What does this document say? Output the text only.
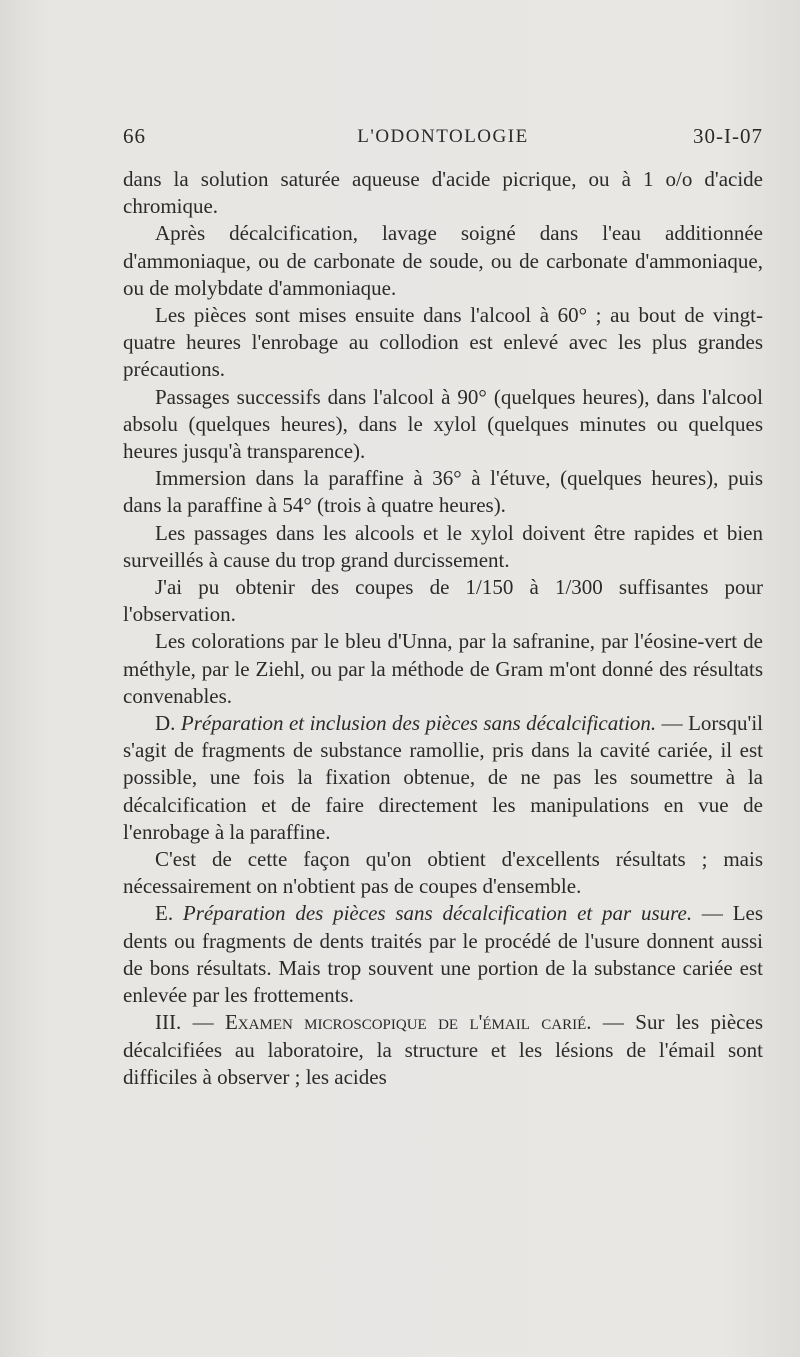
66	L'ODONTOLOGIE	30-I-07

dans la solution saturée aqueuse d'acide picrique, ou à 1 o/o d'acide chromique.

Après décalcification, lavage soigné dans l'eau additionnée d'ammoniaque, ou de carbonate de soude, ou de carbonate d'ammoniaque, ou de molybdate d'ammoniaque.

Les pièces sont mises ensuite dans l'alcool à 60° ; au bout de vingt-quatre heures l'enrobage au collodion est enlevé avec les plus grandes précautions.

Passages successifs dans l'alcool à 90° (quelques heures), dans l'alcool absolu (quelques heures), dans le xylol (quelques minutes ou quelques heures jusqu'à transparence).

Immersion dans la paraffine à 36° à l'étuve, (quelques heures), puis dans la paraffine à 54° (trois à quatre heures).

Les passages dans les alcools et le xylol doivent être rapides et bien surveillés à cause du trop grand durcissement.

J'ai pu obtenir des coupes de 1/150 à 1/300 suffisantes pour l'observation.

Les colorations par le bleu d'Unna, par la safranine, par l'éosine-vert de méthyle, par le Ziehl, ou par la méthode de Gram m'ont donné des résultats convenables.

D. Préparation et inclusion des pièces sans décalcification. — Lorsqu'il s'agit de fragments de substance ramollie, pris dans la cavité cariée, il est possible, une fois la fixation obtenue, de ne pas les soumettre à la décalcification et de faire directement les manipulations en vue de l'enrobage à la paraffine.

C'est de cette façon qu'on obtient d'excellents résultats ; mais nécessairement on n'obtient pas de coupes d'ensemble.

E. Préparation des pièces sans décalcification et par usure. — Les dents ou fragments de dents traités par le procédé de l'usure donnent aussi de bons résultats. Mais trop souvent une portion de la substance cariée est enlevée par les frottements.

III. — Examen microscopique de l'émail carié. — Sur les pièces décalcifiées au laboratoire, la structure et les lésions de l'émail sont difficiles à observer ; les acides
